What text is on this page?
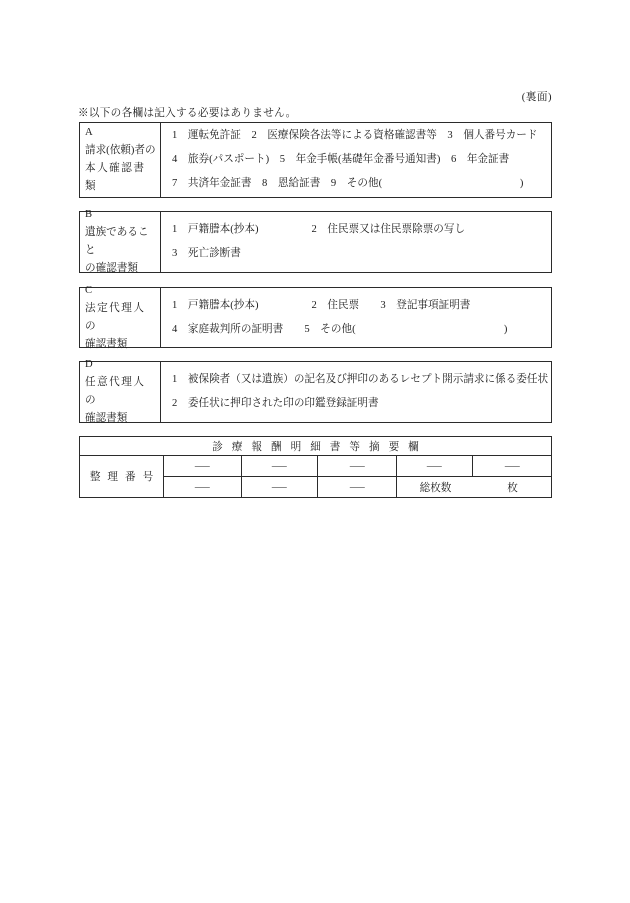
(裏面)
※以下の各欄は記入する必要はありません。
A
請求(依頼)者の
本人確認書類
1　運転免許証　2　医療保険各法等による資格確認書等　3　個人番号カード
4　旅券(パスポート)　5　年金手帳(基礎年金番号通知書)　6　年金証書
7　共済年金証書　8　恩給証書　9　その他(　　　　　　　　　　　　　)
B
遺族であること
の確認書類
1　戸籍謄本(抄本)　　　　　2　住民票又は住民票除票の写し
3　死亡診断書
C
法定代理人の
確認書類
1　戸籍謄本(抄本)　　　　　2　住民票　　3　登記事項証明書
4　家庭裁判所の証明書　　5　その他(　　　　　　　　　　　　　　)
D
任意代理人の
確認書類
1　被保険者（又は遺族）の記名及び押印のあるレセプト開示請求に係る委任状
2　委任状に押印された印の印鑑登録証明書
診療報酬明細書等摘要欄
整理番号
―	―	―	―	―
―	―	―	総枚数	枚
